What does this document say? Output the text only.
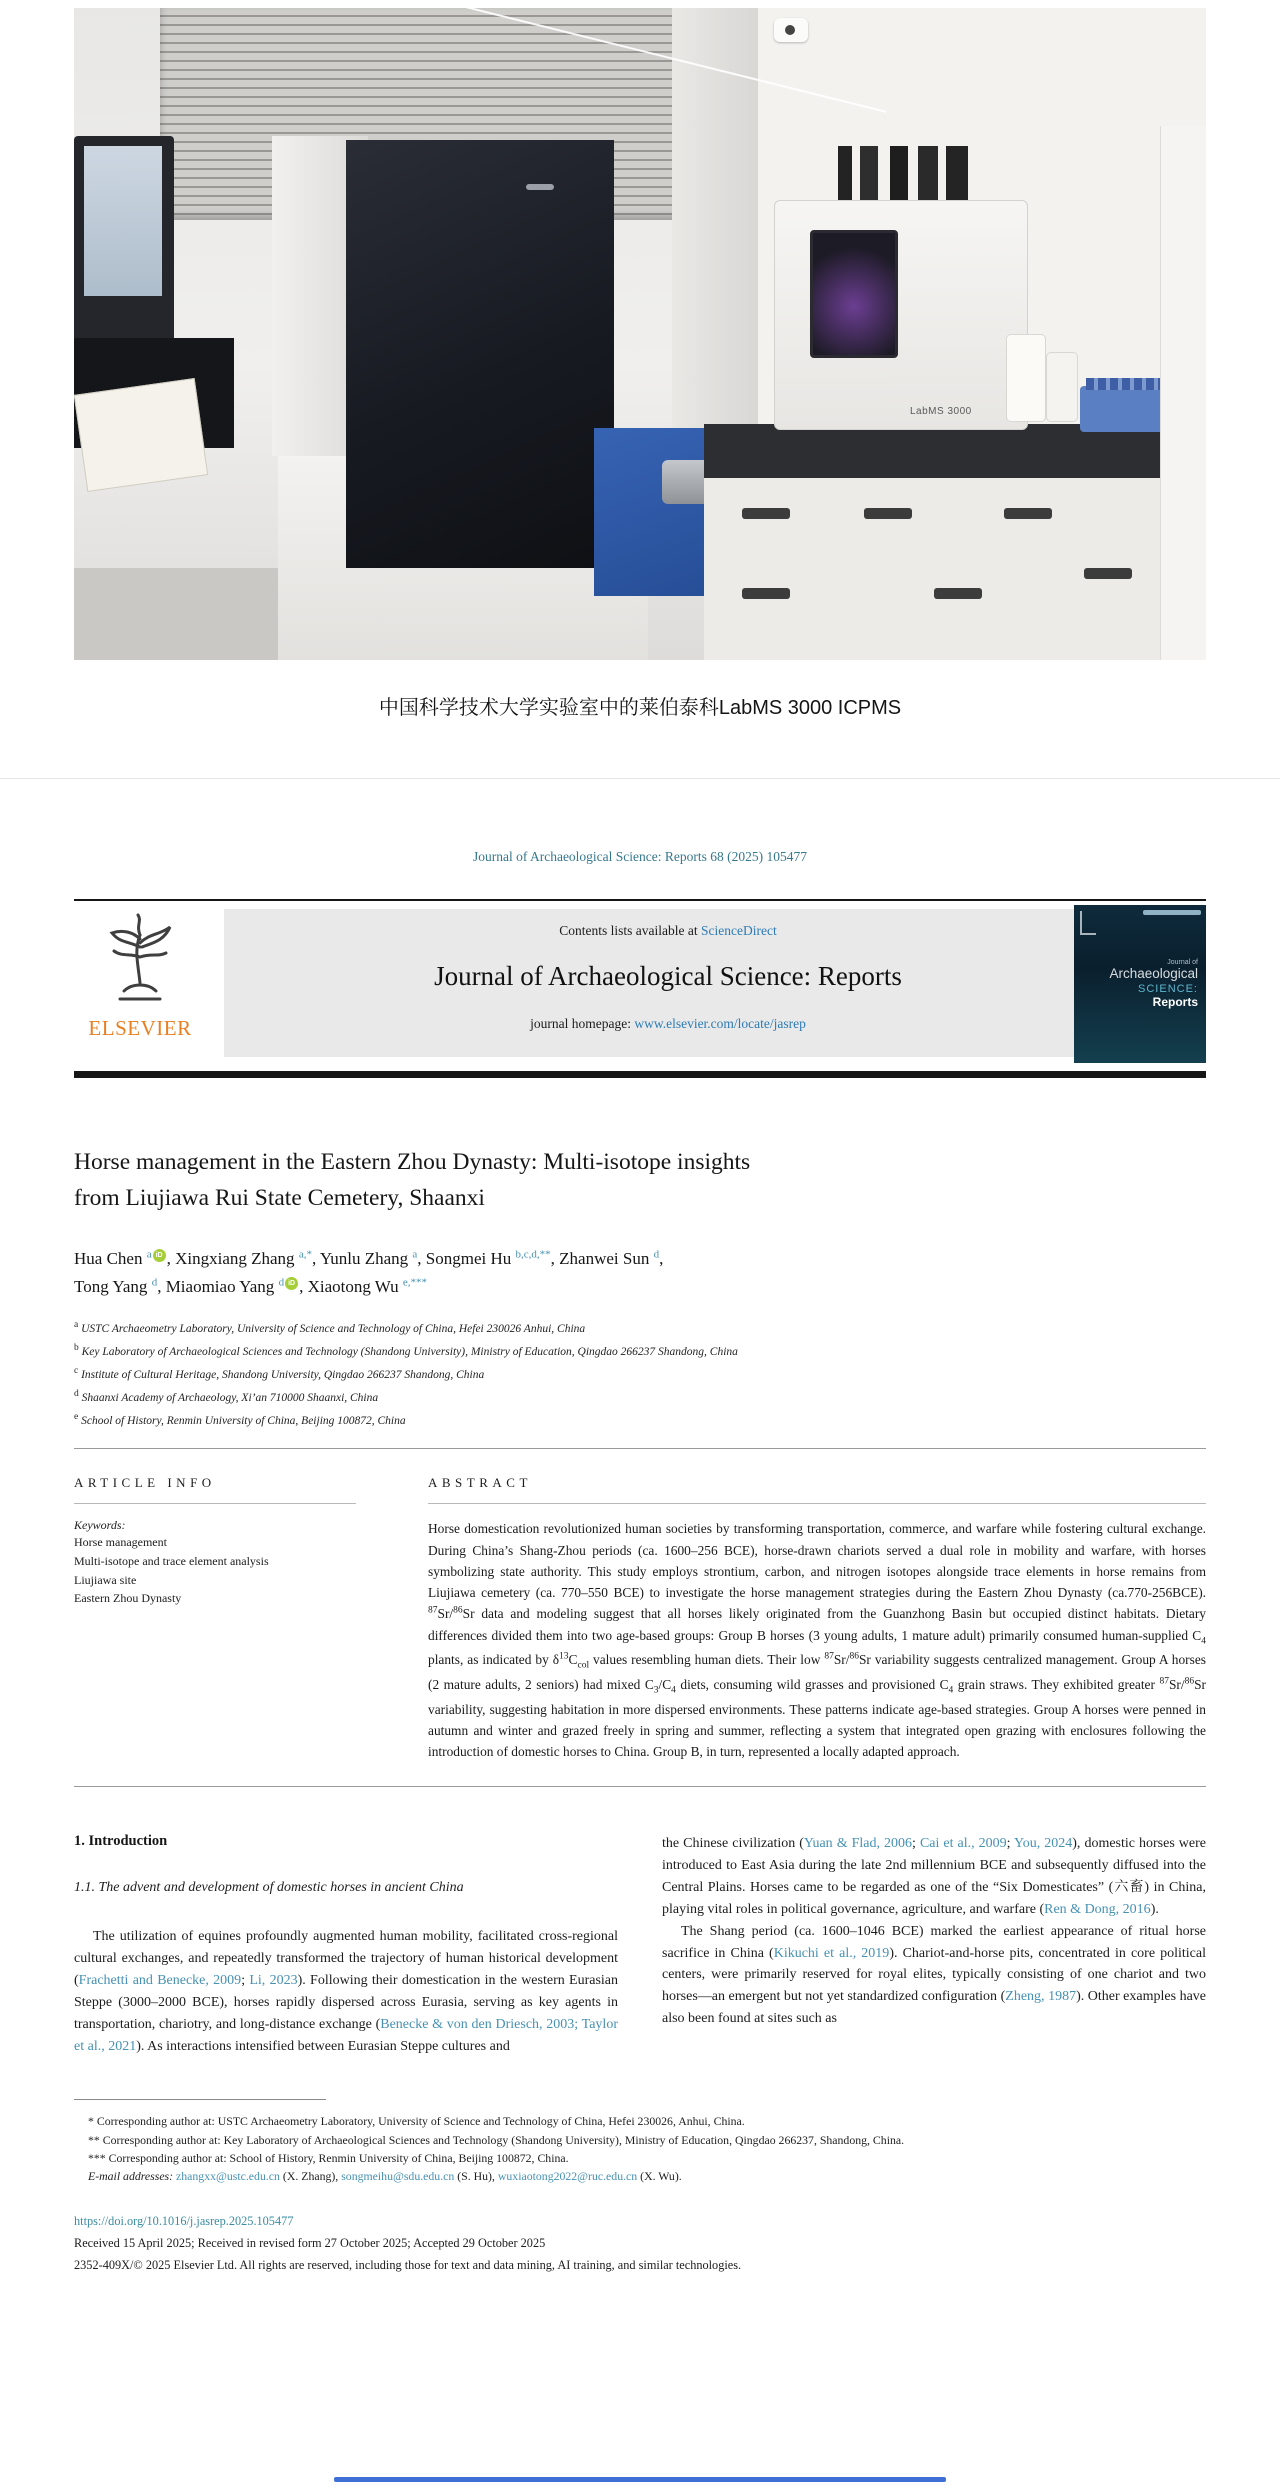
LabMS 3000
中国科学技术大学实验室中的莱伯泰科LabMS 3000 ICPMS
Journal of Archaeological Science: Reports 68 (2025) 105477
ELSEVIER
Contents lists available at ScienceDirect
Journal of Archaeological Science: Reports
journal homepage: www.elsevier.com/locate/jasrep
Journal of
Archaeological
SCIENCE:
Reports
Horse management in the Eastern Zhou Dynasty: Multi-isotope insights
from Liujiawa Rui State Cemetery, Shaanxi
Hua Chen $^a$ iD , Xingxiang Zhang $^{a,*}$, Yunlu Zhang $^a$, Songmei Hu $^{b,c,d,**}$, Zhanwei Sun $^d$,
Tong Yang $^d$, Miaomiao Yang $^d$ iD , Xiaotong Wu $^{e,***}$
$^a$ USTC Archaeometry Laboratory, University of Science and Technology of China, Hefei 230026 Anhui, China
$^b$ Key Laboratory of Archaeological Sciences and Technology (Shandong University), Ministry of Education, Qingdao 266237 Shandong, China
$^c$ Institute of Cultural Heritage, Shandong University, Qingdao 266237 Shandong, China
$^d$ Shaanxi Academy of Archaeology, Xi’an 710000 Shaanxi, China
$^e$ School of History, Renmin University of China, Beijing 100872, China
ARTICLE INFO
Keywords:
Horse management
Multi-isotope and trace element analysis
Liujiawa site
Eastern Zhou Dynasty
ABSTRACT
Horse domestication revolutionized human societies by transforming transportation, commerce, and warfare while fostering cultural exchange. During China’s Shang-Zhou periods (ca. 1600–256 BCE), horse-drawn chariots served a dual role in mobility and warfare, with horses symbolizing state authority. This study employs strontium, carbon, and nitrogen isotopes alongside trace elements in horse remains from Liujiawa cemetery (ca. 770–550 BCE) to investigate the horse management strategies during the Eastern Zhou Dynasty (ca.770-256BCE). $^{87}$Sr/$^{86}$Sr data and modeling suggest that all horses likely originated from the Guanzhong Basin but occupied distinct habitats. Dietary differences divided them into two age-based groups: Group B horses (3 young adults, 1 mature adult) primarily consumed human-supplied $C_4$ plants, as indicated by $\delta^{13}C_{col}$ values resembling human diets. Their low $^{87}$Sr/$^{86}$Sr variability suggests centralized management. Group A horses (2 mature adults, 2 seniors) had mixed $C_3/C_4$ diets, consuming wild grasses and provisioned $C_4$ grain straws. They exhibited greater $^{87}$Sr/$^{86}$Sr variability, suggesting habitation in more dispersed environments. These patterns indicate age-based strategies. Group A horses were penned in autumn and winter and grazed freely in spring and summer, reflecting a system that integrated open grazing with enclosures following the introduction of domestic horses to China. Group B, in turn, represented a locally adapted approach.
1. Introduction
1.1. The advent and development of domestic horses in ancient China
The utilization of equines profoundly augmented human mobility, facilitated cross-regional cultural exchanges, and repeatedly transformed the trajectory of human historical development (Frachetti and Benecke, 2009; Li, 2023). Following their domestication in the western Eurasian Steppe (3000–2000 BCE), horses rapidly dispersed across Eurasia, serving as key agents in transportation, chariotry, and long-distance exchange (Benecke & von den Driesch, 2003; Taylor et al., 2021). As interactions intensified between Eurasian Steppe cultures and
the Chinese civilization (Yuan & Flad, 2006; Cai et al., 2009; You, 2024), domestic horses were introduced to East Asia during the late 2nd millennium BCE and subsequently diffused into the Central Plains. Horses came to be regarded as one of the “Six Domesticates” (六畜) in China, playing vital roles in political governance, agriculture, and warfare (Ren & Dong, 2016).
The Shang period (ca. 1600–1046 BCE) marked the earliest appearance of ritual horse sacrifice in China (Kikuchi et al., 2019). Chariot-and-horse pits, concentrated in core political centers, were primarily reserved for royal elites, typically consisting of one chariot and two horses—an emergent but not yet standardized configuration (Zheng, 1987). Other examples have also been found at sites such as
* Corresponding author at: USTC Archaeometry Laboratory, University of Science and Technology of China, Hefei 230026, Anhui, China.
** Corresponding author at: Key Laboratory of Archaeological Sciences and Technology (Shandong University), Ministry of Education, Qingdao 266237, Shandong, China.
*** Corresponding author at: School of History, Renmin University of China, Beijing 100872, China.
E-mail addresses: zhangxx@ustc.edu.cn (X. Zhang), songmeihu@sdu.edu.cn (S. Hu), wuxiaotong2022@ruc.edu.cn (X. Wu).
https://doi.org/10.1016/j.jasrep.2025.105477
Received 15 April 2025; Received in revised form 27 October 2025; Accepted 29 October 2025
2352-409X/© 2025 Elsevier Ltd. All rights are reserved, including those for text and data mining, AI training, and similar technologies.
